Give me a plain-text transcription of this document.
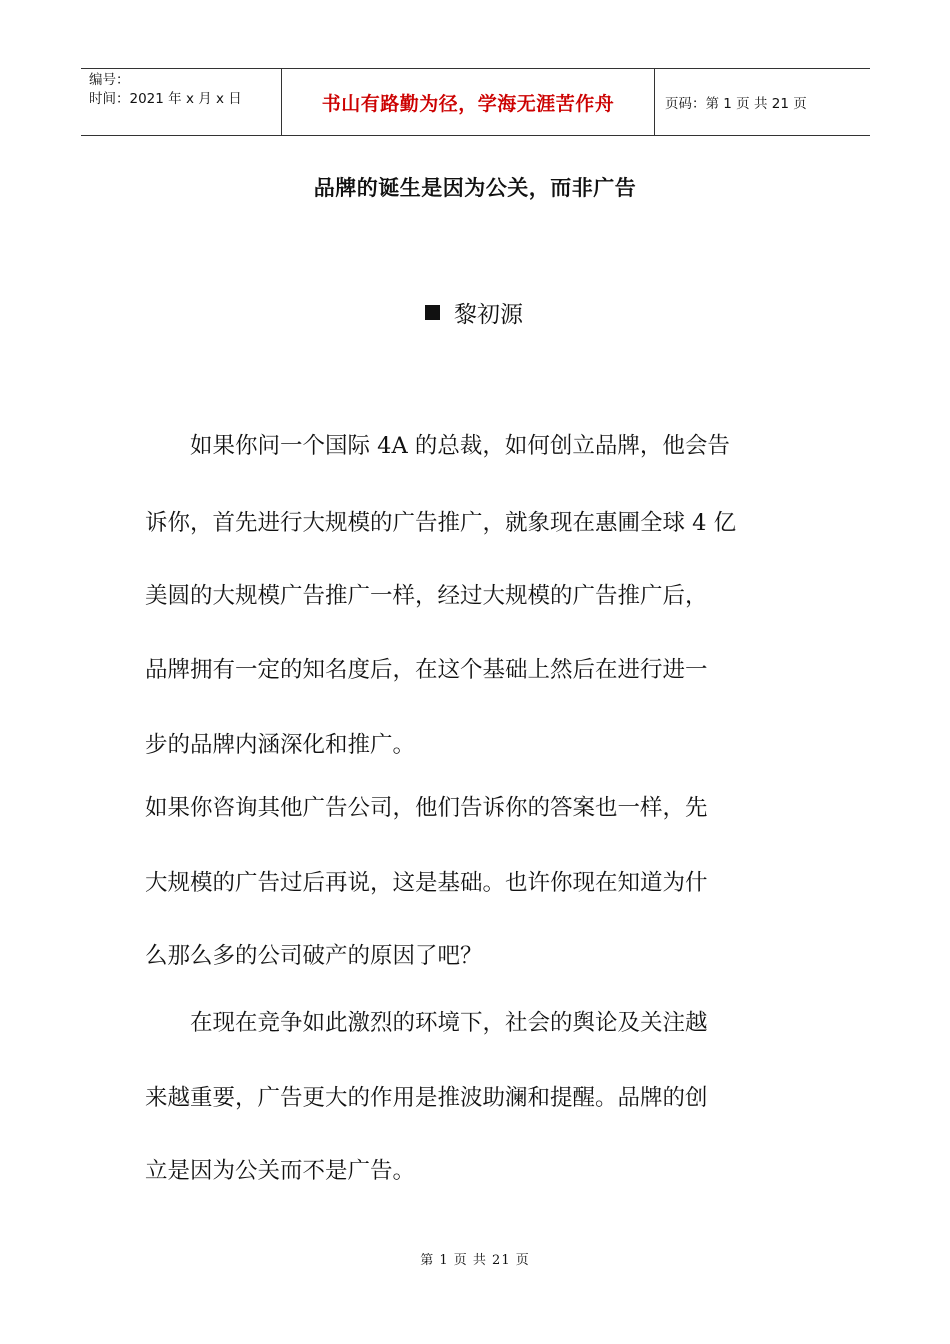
编号：
时间：2021 年 x 月 x 日	书山有路勤为径，学海无涯苦作舟	页码：第 1 页 共 21 页
品牌的诞生是因为公关，而非广告
黎初源
　　如果你问一个国际 4A 的总裁，如何创立品牌，他会告
诉你，首先进行大规模的广告推广，就象现在惠圃全球 4 亿
美圆的大规模广告推广一样，经过大规模的广告推广后，
品牌拥有一定的知名度后，在这个基础上然后在进行进一
步的品牌内涵深化和推广。
如果你咨询其他广告公司，他们告诉你的答案也一样，先
大规模的广告过后再说，这是基础。也许你现在知道为什
么那么多的公司破产的原因了吧？
　　在现在竞争如此激烈的环境下，社会的舆论及关注越
来越重要，广告更大的作用是推波助澜和提醒。品牌的创
立是因为公关而不是广告。
第 1 页 共 21 页
